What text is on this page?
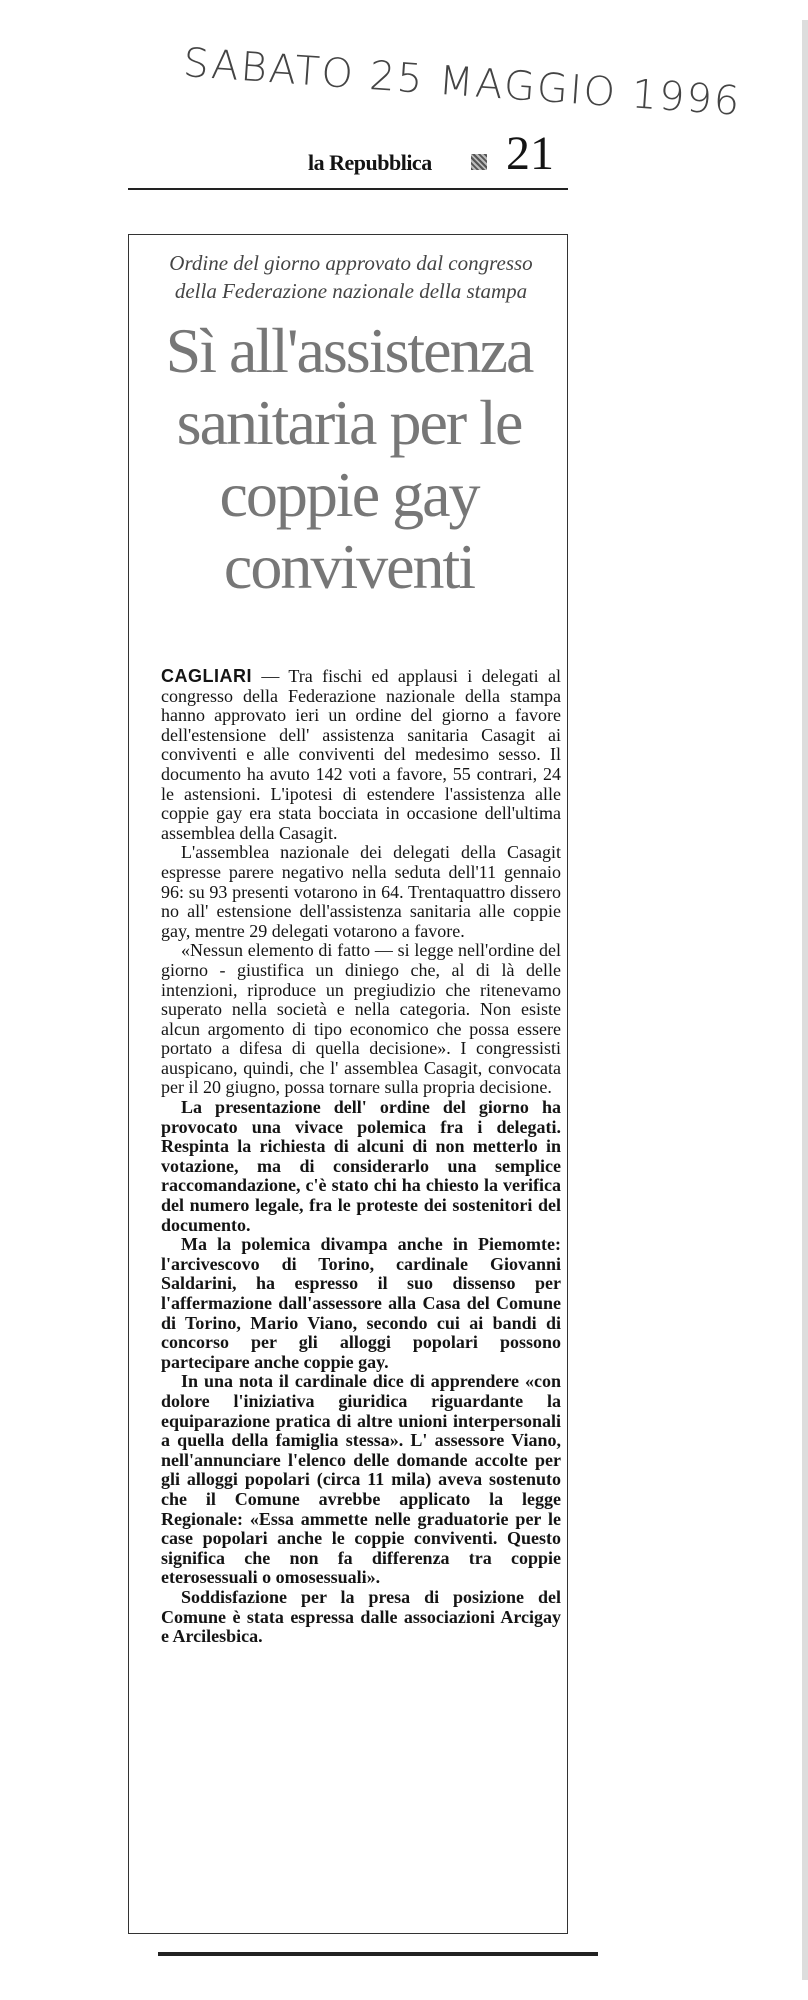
SABATO 25 MAGGIO 1996
la Repubblica 21
Ordine del giorno approvato dal congresso della Federazione nazionale della stampa
Sì all'assistenza sanitaria per le coppie gay conviventi

CAGLIARI — Tra fischi ed applausi i delegati al congresso della Federazione nazionale della stampa hanno approvato ieri un ordine del giorno a favore dell'estensione dell' assistenza sanitaria Casagit ai conviventi e alle conviventi del medesimo sesso. Il documento ha avuto 142 voti a favore, 55 contrari, 24 le astensioni. L'ipotesi di estendere l'assistenza alle coppie gay era stata bocciata in occasione dell'ultima assemblea della Casagit.

L'assemblea nazionale dei delegati della Casagit espresse parere negativo nella seduta dell'11 gennaio 96: su 93 presenti votarono in 64. Trentaquattro dissero no all' estensione dell'assistenza sanitaria alle coppie gay, mentre 29 delegati votarono a favore.

«Nessun elemento di fatto — si legge nell'ordine del giorno - giustifica un diniego che, al di là delle intenzioni, riproduce un pregiudizio che ritenevamo superato nella società e nella categoria. Non esiste alcun argomento di tipo economico che possa essere portato a difesa di quella decisione». I congressisti auspicano, quindi, che l' assemblea Casagit, convocata per il 20 giugno, possa tornare sulla propria decisione.

La presentazione dell' ordine del giorno ha provocato una vivace polemica fra i delegati. Respinta la richiesta di alcuni di non metterlo in votazione, ma di considerarlo una semplice raccomandazione, c'è stato chi ha chiesto la verifica del numero legale, fra le proteste dei sostenitori del documento.

Ma la polemica divampa anche in Piemomte: l'arcivescovo di Torino, cardinale Giovanni Saldarini, ha espresso il suo dissenso per l'affermazione dall'assessore alla Casa del Comune di Torino, Mario Viano, secondo cui ai bandi di concorso per gli alloggi popolari possono partecipare anche coppie gay.

In una nota il cardinale dice di apprendere «con dolore l'iniziativa giuridica riguardante la equiparazione pratica di altre unioni interpersonali a quella della famiglia stessa». L' assessore Viano, nell'annunciare l'elenco delle domande accolte per gli alloggi popolari (circa 11 mila) aveva sostenuto che il Comune avrebbe applicato la legge Regionale: «Essa ammette nelle graduatorie per le case popolari anche le coppie conviventi. Questo significa che non fa differenza tra coppie eterosessuali o omosessuali».

Soddisfazione per la presa di posizione del Comune è stata espressa dalle associazioni Arcigay e Arcilesbica.
